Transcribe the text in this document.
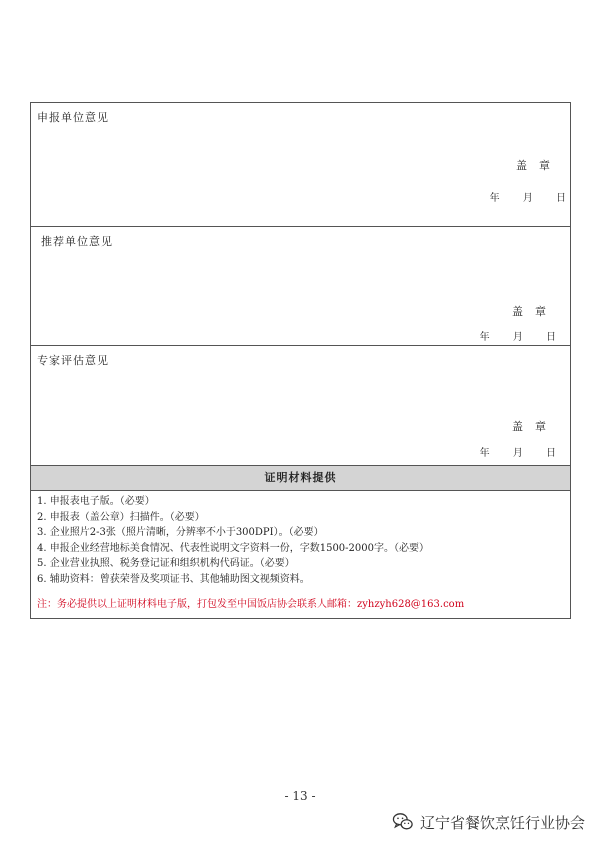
申报单位意见
盖章
年 月 日
推荐单位意见
盖章
年 月 日
专家评估意见
盖章
年 月 日
证明材料提供
1. 申报表电子版。（必要）
2. 申报表（盖公章）扫描件。（必要）
3. 企业照片2-3张（照片清晰，分辨率不小于300DPI）。（必要）
4. 申报企业经营地标美食情况、代表性说明文字资料一份，字数1500-2000字。（必要）
5. 企业营业执照、税务登记证和组织机构代码证。（必要）
6. 辅助资料：曾获荣誉及奖项证书、其他辅助图文视频资料。
注：务必提供以上证明材料电子版，打包发至中国饭店协会联系人邮箱：zyhzyh628@163.com
- 13 -
辽宁省餐饮烹饪行业协会
